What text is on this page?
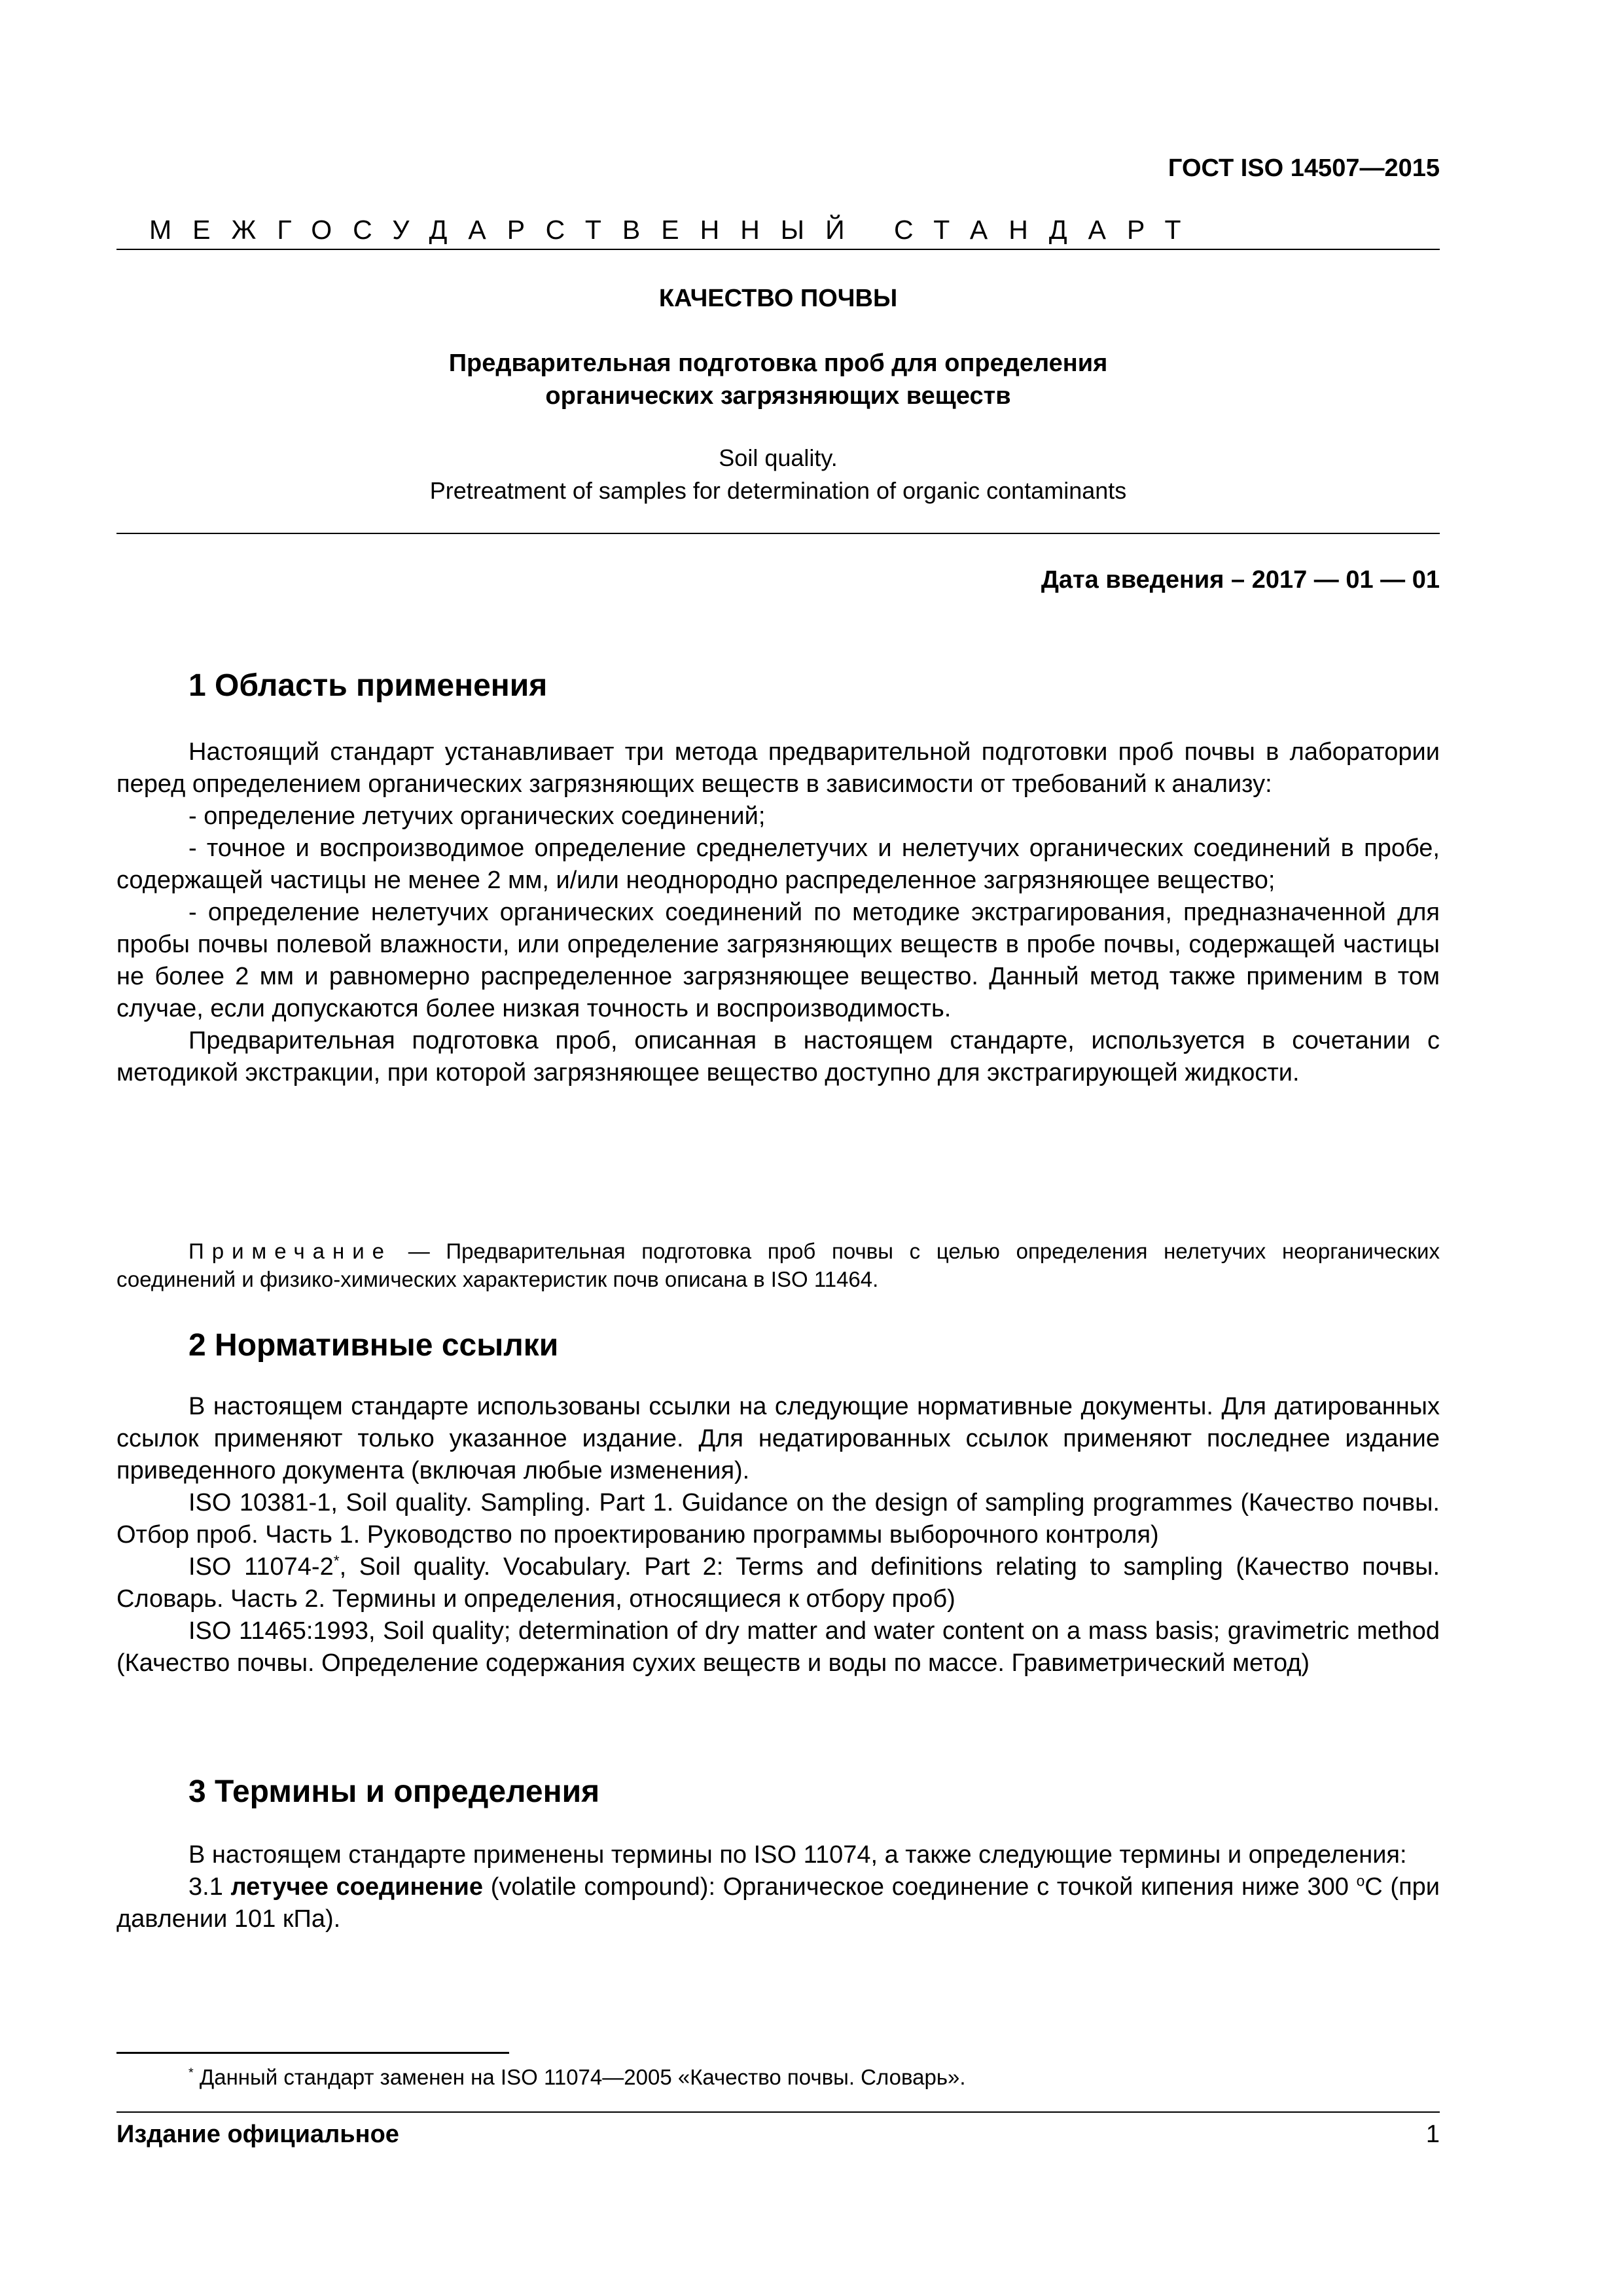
ГОСТ ISO 14507—2015
МЕЖГОСУДАРСТВЕННЫЙ СТАНДАРТ
КАЧЕСТВО ПОЧВЫ
Предварительная подготовка проб для определения
органических загрязняющих веществ
Soil quality.
Pretreatment of samples for determination of organic contaminants
Дата введения – 2017 — 01 — 01
1 Область применения
Настоящий стандарт устанавливает три метода предварительной подготовки проб почвы в лаборатории перед определением органических загрязняющих веществ в зависимости от требований к анализу:
- определение летучих органических соединений;
- точное и воспроизводимое определение среднелетучих и нелетучих органических соединений в пробе, содержащей частицы не менее 2 мм, и/или неоднородно распределенное загрязняющее вещество;
- определение нелетучих органических соединений по методике экстрагирования, предназначенной для пробы почвы полевой влажности, или определение загрязняющих веществ в пробе почвы, содержащей частицы не более 2 мм и равномерно распределенное загрязняющее вещество. Данный метод также применим в том случае, если допускаются более низкая точность и воспроизводимость.
Предварительная подготовка проб, описанная в настоящем стандарте, используется в сочетании с методикой экстракции, при которой загрязняющее вещество доступно для экстрагирующей жидкости.
Примечание — Предварительная подготовка проб почвы с целью определения нелетучих неорганических соединений и физико-химических характеристик почв описана в ISO 11464.
2 Нормативные ссылки
В настоящем стандарте использованы ссылки на следующие нормативные документы. Для датированных ссылок применяют только указанное издание. Для недатированных ссылок применяют последнее издание приведенного документа (включая любые изменения).
ISO 10381-1, Soil quality. Sampling. Part 1. Guidance on the design of sampling programmes (Качество почвы. Отбор проб. Часть 1. Руководство по проектированию программы выборочного контроля)
ISO 11074-2*, Soil quality. Vocabulary. Part 2: Terms and definitions relating to sampling (Качество почвы. Словарь. Часть 2. Термины и определения, относящиеся к отбору проб)
ISO 11465:1993, Soil quality; determination of dry matter and water content on a mass basis; gravimetric method (Качество почвы. Определение содержания сухих веществ и воды по массе. Гравиметрический метод)
3 Термины и определения
В настоящем стандарте применены термины по ISO 11074, а также следующие термины и определения:
3.1 летучее соединение (volatile compound): Органическое соединение с точкой кипения ниже 300 $^o$C (при давлении 101 кПа).
* Данный стандарт заменен на ISO 11074—2005 «Качество почвы. Словарь».
Издание официальное	1
